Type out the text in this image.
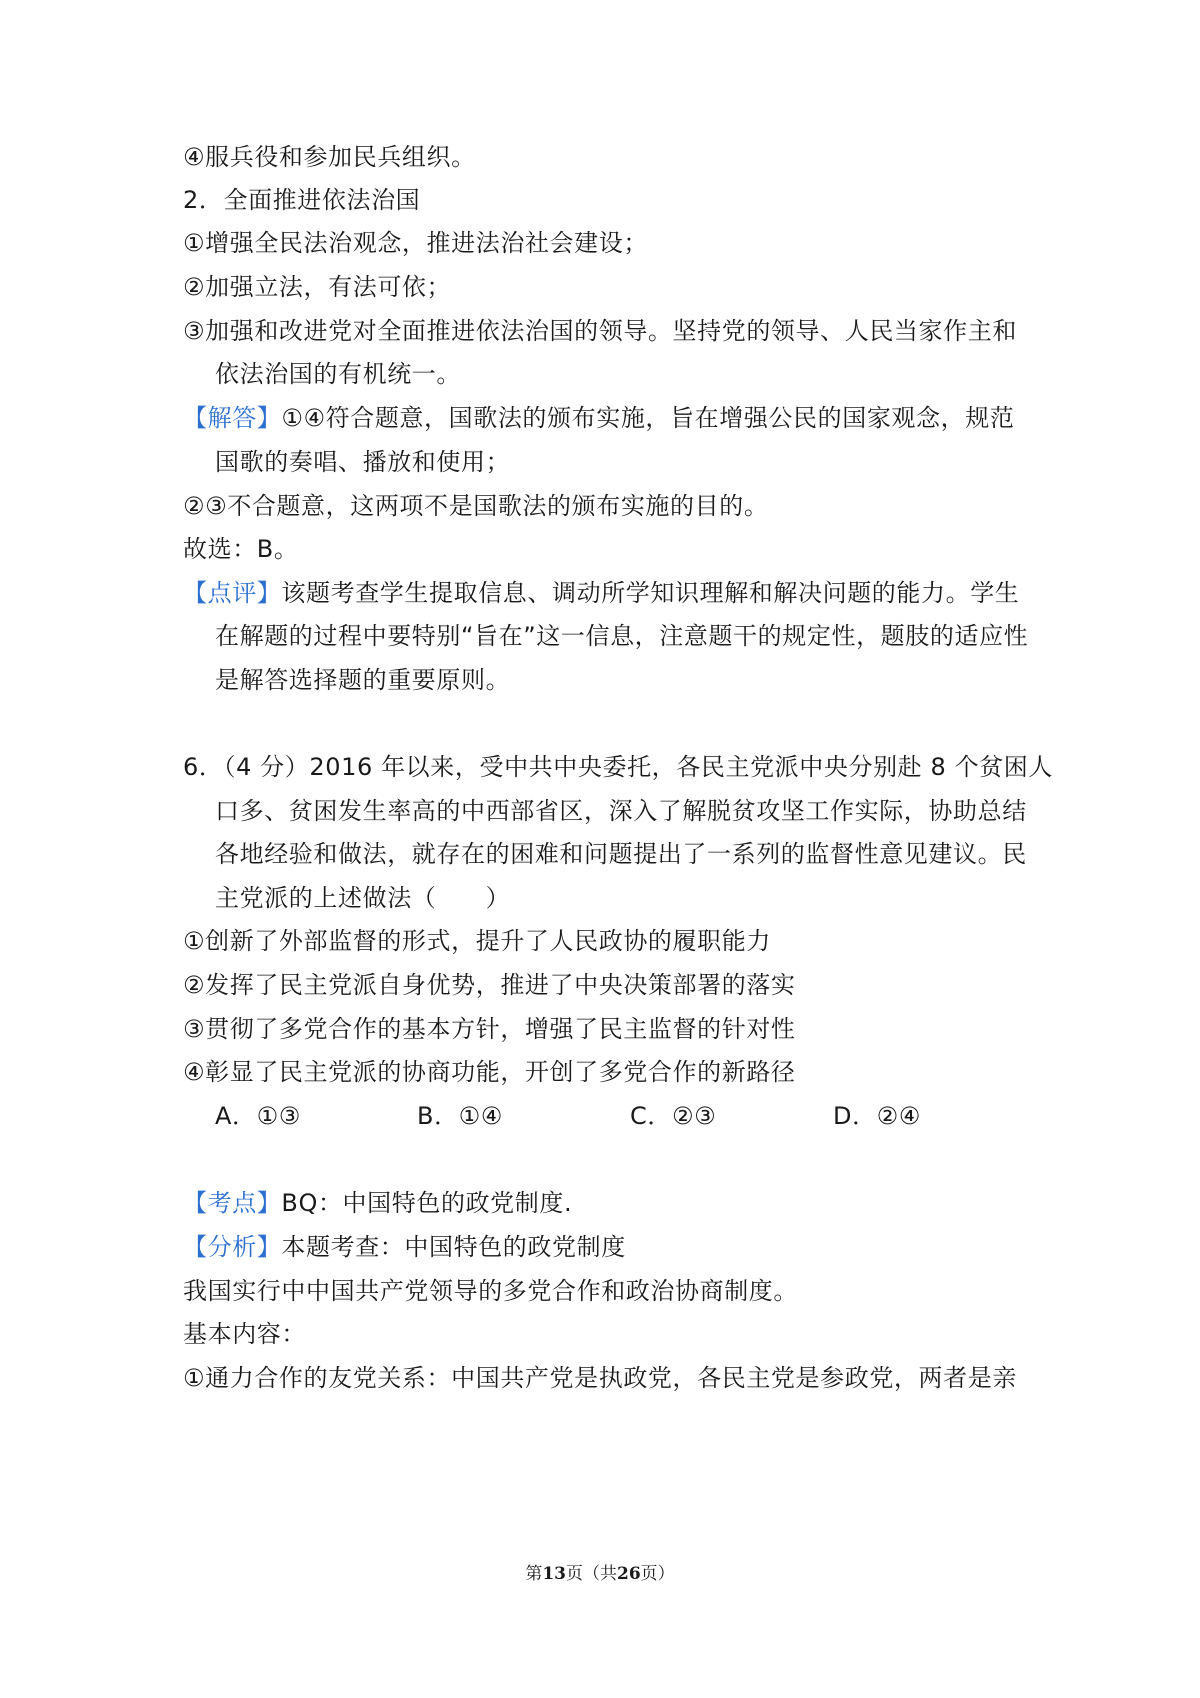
④服兵役和参加民兵组织。
2．全面推进依法治国
①增强全民法治观念，推进法治社会建设；
②加强立法，有法可依；
③加强和改进党对全面推进依法治国的领导。坚持党的领导、人民当家作主和
依法治国的有机统一。
【解答】①④符合题意，国歌法的颁布实施，旨在增强公民的国家观念，规范
国歌的奏唱、播放和使用；
②③不合题意，这两项不是国歌法的颁布实施的目的。
故选：B。
【点评】该题考查学生提取信息、调动所学知识理解和解决问题的能力。学生
在解题的过程中要特别“旨在”这一信息，注意题干的规定性，题肢的适应性
是解答选择题的重要原则。
6．（4 分）2016 年以来，受中共中央委托，各民主党派中央分别赴 8 个贫困人
口多、贫困发生率高的中西部省区，深入了解脱贫攻坚工作实际，协助总结
各地经验和做法，就存在的困难和问题提出了一系列的监督性意见建议。民
主党派的上述做法（　　）
①创新了外部监督的形式，提升了人民政协的履职能力
②发挥了民主党派自身优势，推进了中央决策部署的落实
③贯彻了多党合作的基本方针，增强了民主监督的针对性
④彰显了民主党派的协商功能，开创了多党合作的新路径
A．①③	B．①④	C．②③	D．②④
【考点】BQ：中国特色的政党制度.
【分析】本题考查：中国特色的政党制度
我国实行中中国共产党领导的多党合作和政治协商制度。
基本内容：
①通力合作的友党关系：中国共产党是执政党，各民主党是参政党，两者是亲
第13页（共26页）
